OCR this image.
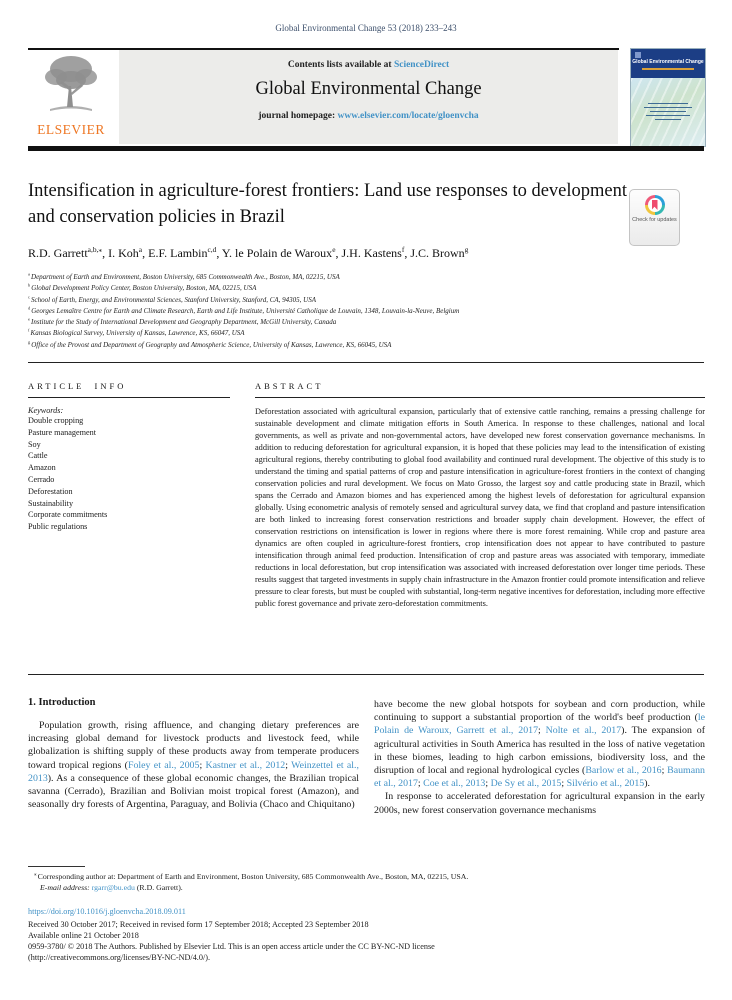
Global Environmental Change 53 (2018) 233–243
ELSEVIER
Contents lists available at ScienceDirect
Global Environmental Change
journal homepage: www.elsevier.com/locate/gloenvcha
Global Environmental Change
Intensification in agriculture-forest frontiers: Land use responses to development and conservation policies in Brazil	Check for updates
R.D. Garrett$^{a,b,⁎}$, I. Koh$^a$, E.F. Lambin$^{c,d}$, Y. le Polain de Waroux$^e$, J.H. Kastens$^f$, J.C. Brown$^g$
$^a$ Department of Earth and Environment, Boston University, 685 Commonwealth Ave., Boston, MA, 02215, USA
$^b$ Global Development Policy Center, Boston University, Boston, MA, 02215, USA
$^c$ School of Earth, Energy, and Environmental Sciences, Stanford University, Stanford, CA, 94305, USA
$^d$ Georges Lemaître Centre for Earth and Climate Research, Earth and Life Institute, Université Catholique de Louvain, 1348, Louvain-la-Neuve, Belgium
$^e$ Institute for the Study of International Development and Geography Department, McGill University, Canada
$^f$ Kansas Biological Survey, University of Kansas, Lawrence, KS, 66047, USA
$^g$ Office of the Provost and Department of Geography and Atmospheric Science, University of Kansas, Lawrence, KS, 66045, USA
ARTICLE INFO
Keywords:
Double cropping
Pasture management
Soy
Cattle
Amazon
Cerrado
Deforestation
Sustainability
Corporate commitments
Public regulations
ABSTRACT
Deforestation associated with agricultural expansion, particularly that of extensive cattle ranching, remains a pressing challenge for sustainable development and climate mitigation efforts in South America. In response to these challenges, national and local governments, as well as private and non-governmental actors, have developed new forest conservation governance mechanisms. In addition to reducing deforestation for agricultural expansion, it is hoped that these policies may lead to the intensification of existing agricultural regions, thereby contributing to global food availability and continued rural development. The objective of this study is to understand the timing and spatial patterns of crop and pasture intensification in agriculture-forest frontiers in the context of changing conservation policies and rural development. We focus on Mato Grosso, the largest soy and cattle producing state in Brazil, which spans the Cerrado and Amazon biomes and has experienced among the highest levels of deforestation for agricultural expansion globally. Using econometric analysis of remotely sensed and agricultural survey data, we find that cropland and pasture intensification are both linked to increasing forest conservation restrictions and broader supply chain development. However, the effect of conservation restrictions on intensification is lower in regions where there is more forest remaining. While crop and pasture area dynamics are often coupled in agriculture-forest frontiers, crop intensification does not appear to have contributed to pasture intensification through animal feed production. Intensification of crop and pasture areas was associated with temporary, immediate reductions in local deforestation, but crop intensification was associated with increased deforestation over longer time periods. These results suggest that targeted investments in supply chain infrastructure in the Amazon frontier could promote intensification and relieve pressure to clear forests, but must be coupled with substantial, long-term negative incentives for deforestation, including more effective public forest governance and private zero-deforestation commitments.
1. Introduction

Population growth, rising affluence, and changing dietary preferences are increasing global demand for livestock products and livestock feed, while globalization is shifting supply of these products away from temperate producers toward tropical regions (Foley et al., 2005; Kastner et al., 2012; Weinzettel et al., 2013). As a consequence of these global economic changes, the Brazilian tropical savanna (Cerrado), Brazilian and Bolivian moist tropical forest (Amazon), and seasonally dry forests of Argentina, Paraguay, and Bolivia (Chaco and Chiquitano)

have become the new global hotspots for soybean and corn production, while continuing to support a substantial proportion of the world's beef production (le Polain de Waroux, Garrett et al., 2017; Nolte et al., 2017). The expansion of agricultural activities in South America has resulted in the loss of native vegetation in these biomes, leading to high carbon emissions, biodiversity loss, and the disruption of local and regional hydrological cycles (Barlow et al., 2016; Baumann et al., 2017; Coe et al., 2013; De Sy et al., 2015; Silvério et al., 2015).

In response to accelerated deforestation for agricultural expansion in the early 2000s, new forest conservation governance mechanisms

⁎ Corresponding author at: Department of Earth and Environment, Boston University, 685 Commonwealth Ave., Boston, MA, 02215, USA.
E-mail address: rgarr@bu.edu (R.D. Garrett).
https://doi.org/10.1016/j.gloenvcha.2018.09.011
Received 30 October 2017; Received in revised form 17 September 2018; Accepted 23 September 2018
Available online 21 October 2018
0959-3780/ © 2018 The Authors. Published by Elsevier Ltd. This is an open access article under the CC BY-NC-ND license
(http://creativecommons.org/licenses/BY-NC-ND/4.0/).
